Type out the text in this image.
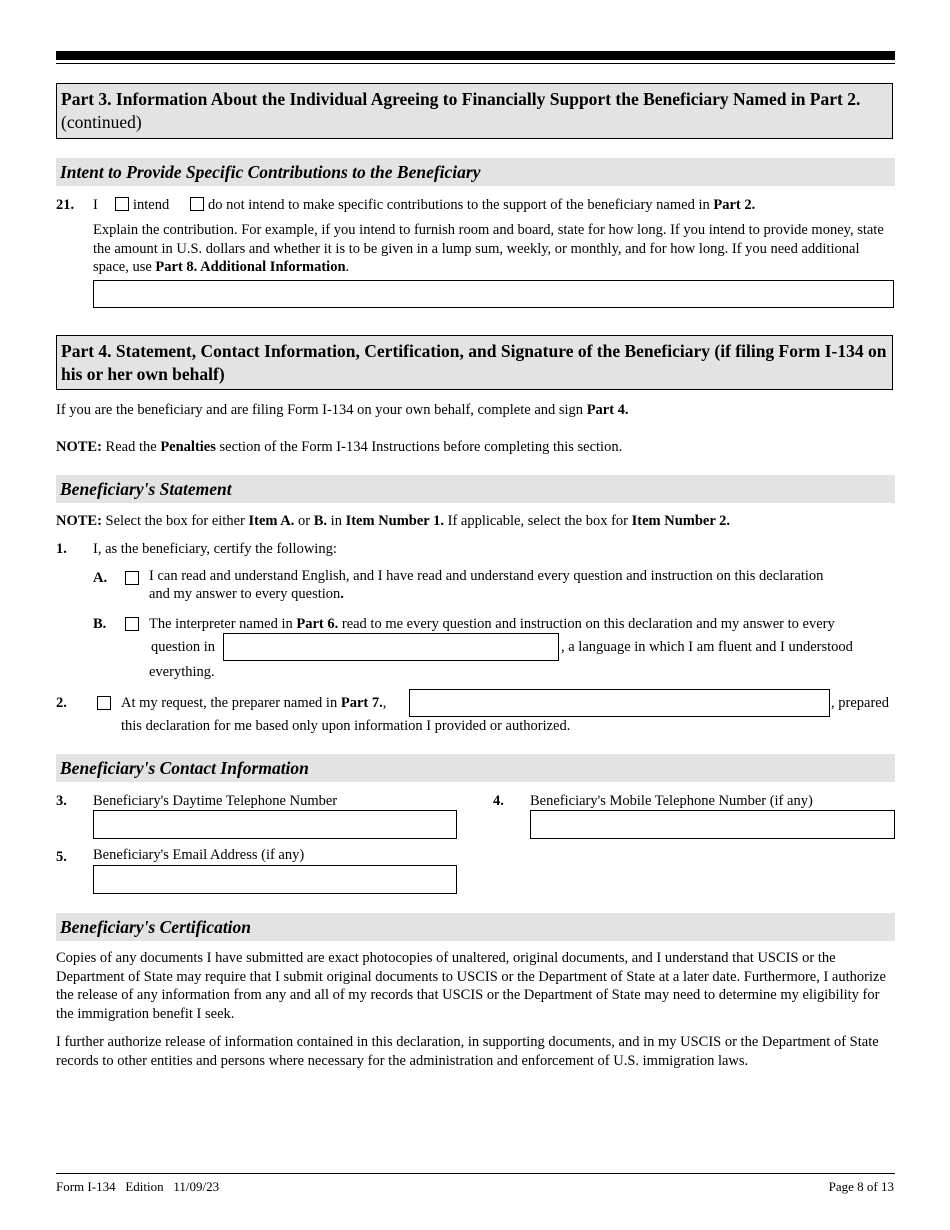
Part 3. Information About the Individual Agreeing to Financially Support the Beneficiary Named in Part 2. (continued)
Intent to Provide Specific Contributions to the Beneficiary
21. I intend	do not intend to make specific contributions to the support of the beneficiary named in Part 2.
Explain the contribution. For example, if you intend to furnish room and board, state for how long. If you intend to provide money, state the amount in U.S. dollars and whether it is to be given in a lump sum, weekly, or monthly, and for how long. If you need additional space, use Part 8. Additional Information.
Part 4. Statement, Contact Information, Certification, and Signature of the Beneficiary (if filing Form I-134 on his or her own behalf)
If you are the beneficiary and are filing Form I-134 on your own behalf, complete and sign Part 4.
NOTE: Read the Penalties section of the Form I-134 Instructions before completing this section.
Beneficiary's Statement
NOTE: Select the box for either Item A. or B. in Item Number 1. If applicable, select the box for Item Number 2.
1. I, as the beneficiary, certify the following:
A.	I can read and understand English, and I have read and understand every question and instruction on this declaration
and my answer to every question.
B.	The interpreter named in Part 6. read to me every question and instruction on this declaration and my answer to every
question in	, a language in which I am fluent and I understood
everything.
2.	At my request, the preparer named in Part 7.,	, prepared
this declaration for me based only upon information I provided or authorized.
Beneficiary's Contact Information
3. Beneficiary's Daytime Telephone Number	4. Beneficiary's Mobile Telephone Number (if any)
5. Beneficiary's Email Address (if any)
Beneficiary's Certification
Copies of any documents I have submitted are exact photocopies of unaltered, original documents, and I understand that USCIS or the Department of State may require that I submit original documents to USCIS or the Department of State at a later date. Furthermore, I authorize the release of any information from any and all of my records that USCIS or the Department of State may need to determine my eligibility for the immigration benefit I seek.
I further authorize release of information contained in this declaration, in supporting documents, and in my USCIS or the Department of State records to other entities and persons where necessary for the administration and enforcement of U.S. immigration laws.
Form I-134   Edition   11/09/23	Page 8 of 13
